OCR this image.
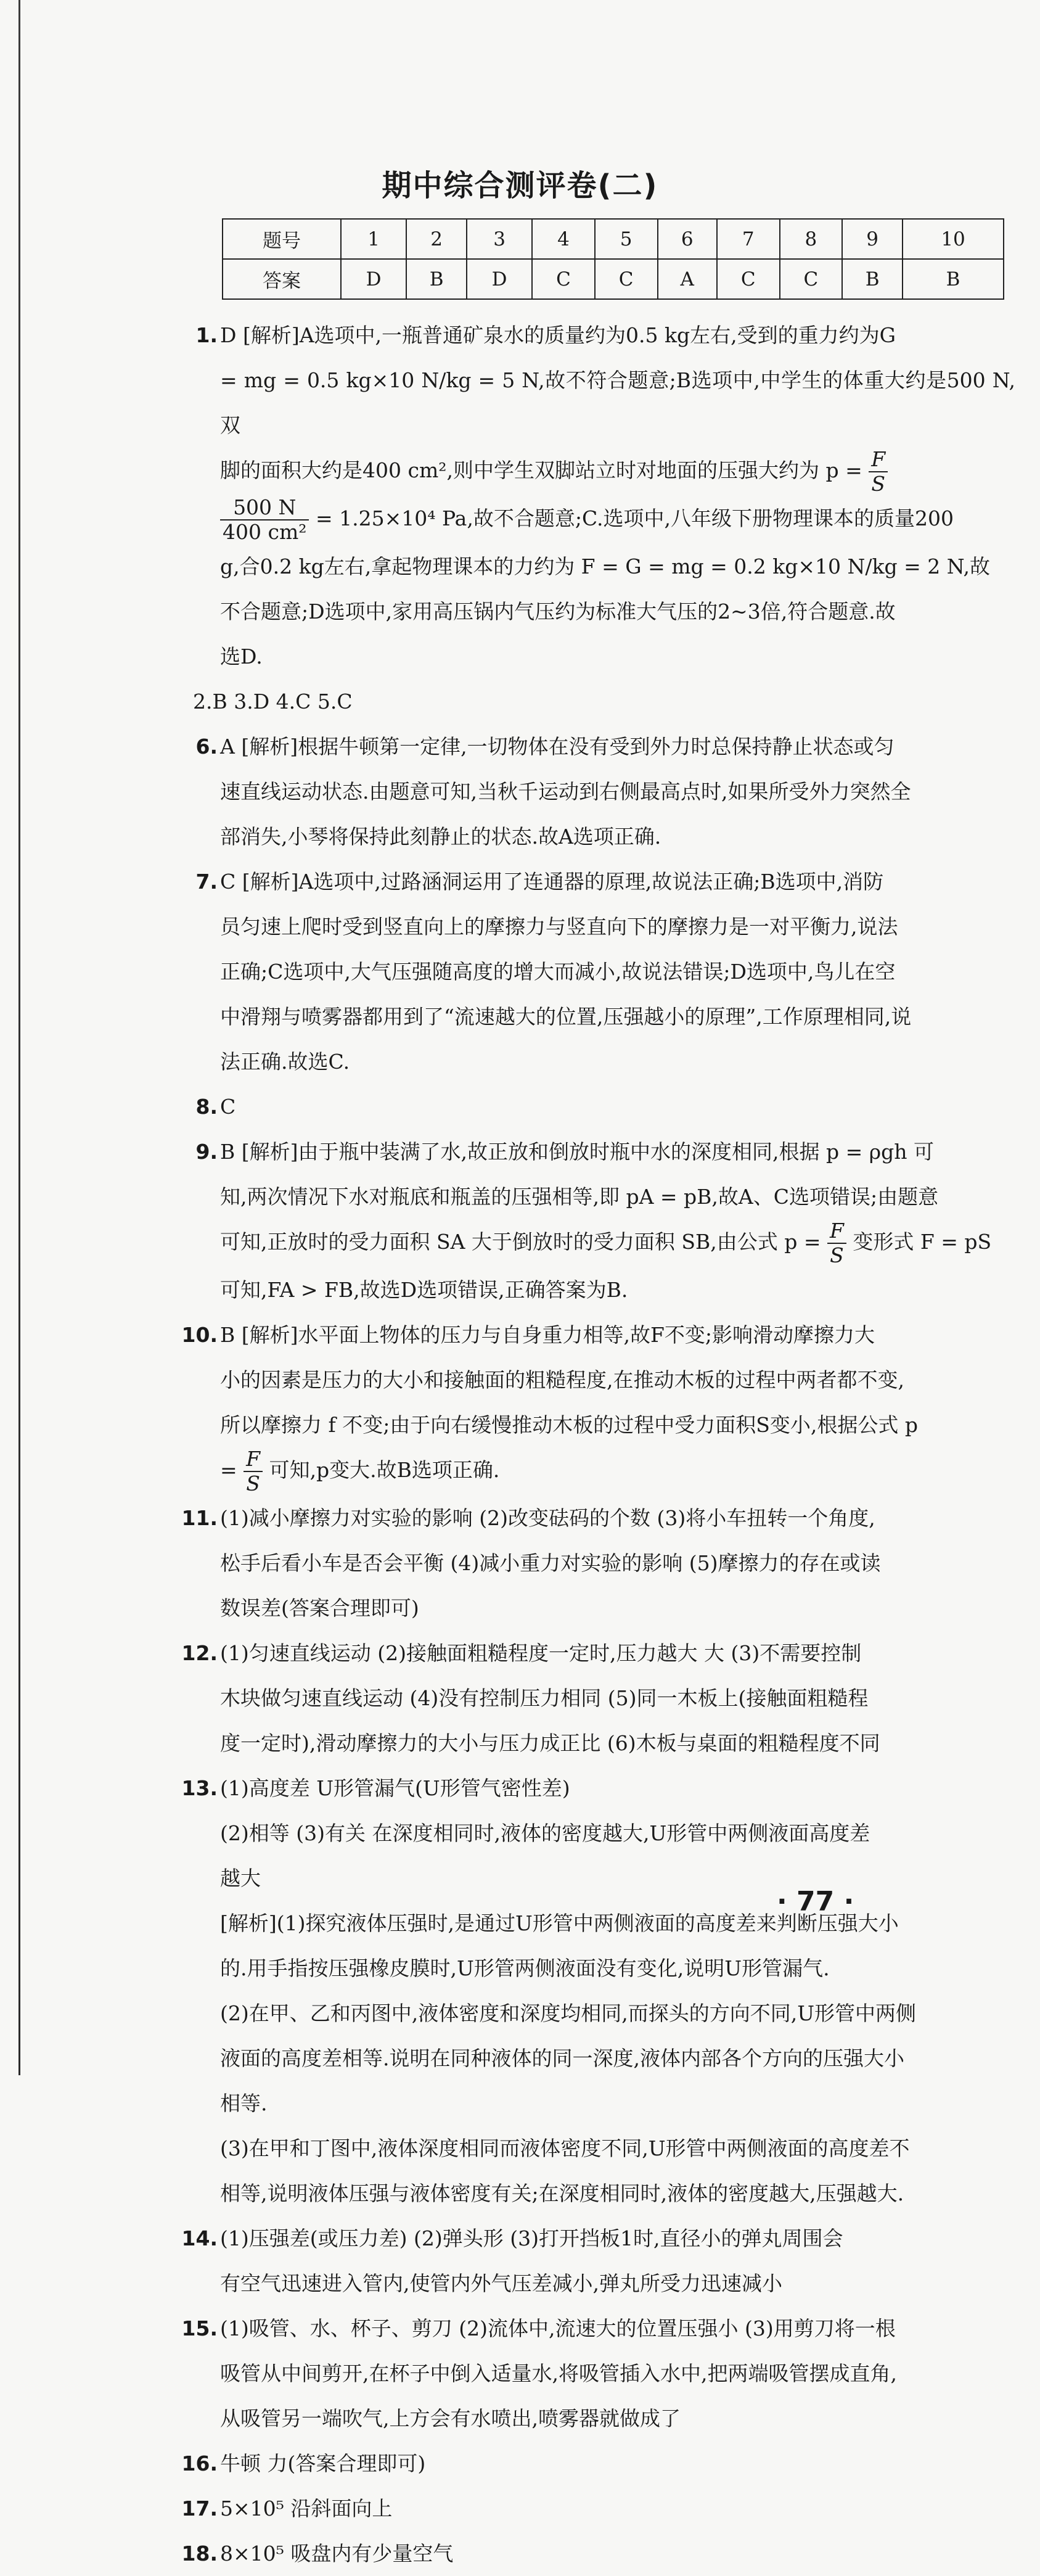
期中综合测评卷(二)
题号	1	2	3	4	5	6	7	8	9	10
答案	D	B	D	C	C	A	C	C	B	B
1. D [解析]A选项中,一瓶普通矿泉水的质量约为0.5 kg左右,受到的重力约为G
= mg = 0.5 kg×10 N/kg = 5 N,故不符合题意;B选项中,中学生的体重大约是500 N,双
脚的面积大约是400 cm²,则中学生双脚站立时对地面的压强大约为 $p = \frac{F}{S}$
$\frac{500 N}{\text{400 cm²}} = 1.25\times 10^4$ Pa,故不合题意;C.选项中,八年级下册物理课本的质量200
g,合0.2 kg左右,拿起物理课本的力约为 F = G = mg = 0.2 kg×10 N/kg = 2 N,故
不合题意;D选项中,家用高压锅内气压约为标准大气压的2~3倍,符合题意.故
选D.
2.B 3.D 4.C 5.C
6. A [解析]根据牛顿第一定律,一切物体在没有受到外力时总保持静止状态或匀
速直线运动状态.由题意可知,当秋千运动到右侧最高点时,如果所受外力突然全
部消失,小琴将保持此刻静止的状态.故A选项正确.
7. C [解析]A选项中,过路涵洞运用了连通器的原理,故说法正确;B选项中,消防
员匀速上爬时受到竖直向上的摩擦力与竖直向下的摩擦力是一对平衡力,说法
正确;C选项中,大气压强随高度的增大而减小,故说法错误;D选项中,鸟儿在空
中滑翔与喷雾器都用到了“流速越大的位置,压强越小的原理”,工作原理相同,说
法正确.故选C.
8. C
9. B [解析]由于瓶中装满了水,故正放和倒放时瓶中水的深度相同,根据 p = ρgh 可
知,两次情况下水对瓶底和瓶盖的压强相等,即 pA = pB,故A、C选项错误;由题意
可知,正放时的受力面积 SA 大于倒放时的受力面积 SB,由公式 $p = \frac{F}{S}$ 变形式 F = pS
可知,FA > FB,故选D选项错误,正确答案为B.
10. B [解析]水平面上物体的压力与自身重力相等,故F不变;影响滑动摩擦力大
小的因素是压力的大小和接触面的粗糙程度,在推动木板的过程中两者都不变,
所以摩擦力 f 不变;由于向右缓慢推动木板的过程中受力面积S变小,根据公式 p
= $\frac{F}{S}$ 可知,p变大.故B选项正确.
11. (1)减小摩擦力对实验的影响 (2)改变砝码的个数 (3)将小车扭转一个角度,
松手后看小车是否会平衡 (4)减小重力对实验的影响 (5)摩擦力的存在或读
数误差(答案合理即可)
12. (1)匀速直线运动 (2)接触面粗糙程度一定时,压力越大 大 (3)不需要控制
木块做匀速直线运动 (4)没有控制压力相同 (5)同一木板上(接触面粗糙程
度一定时),滑动摩擦力的大小与压力成正比 (6)木板与桌面的粗糙程度不同
13. (1)高度差 U形管漏气(U形管气密性差)
(2)相等 (3)有关 在深度相同时,液体的密度越大,U形管中两侧液面高度差
越大
[解析](1)探究液体压强时,是通过U形管中两侧液面的高度差来判断压强大小
的.用手指按压强橡皮膜时,U形管两侧液面没有变化,说明U形管漏气.
(2)在甲、乙和丙图中,液体密度和深度均相同,而探头的方向不同,U形管中两侧
液面的高度差相等.说明在同种液体的同一深度,液体内部各个方向的压强大小
相等.
(3)在甲和丁图中,液体深度相同而液体密度不同,U形管中两侧液面的高度差不
相等,说明液体压强与液体密度有关;在深度相同时,液体的密度越大,压强越大.
14. (1)压强差(或压力差) (2)弹头形 (3)打开挡板1时,直径小的弹丸周围会
有空气迅速进入管内,使管内外气压差减小,弹丸所受力迅速减小
15. (1)吸管、水、杯子、剪刀 (2)流体中,流速大的位置压强小 (3)用剪刀将一根
吸管从中间剪开,在杯子中倒入适量水,将吸管插入水中,把两端吸管摆成直角,
从吸管另一端吹气,上方会有水喷出,喷雾器就做成了
16. 牛顿 力(答案合理即可)
17. 5×10⁵ 沿斜面向上
18. 8×10⁵ 吸盘内有少量空气
· 77 ·
